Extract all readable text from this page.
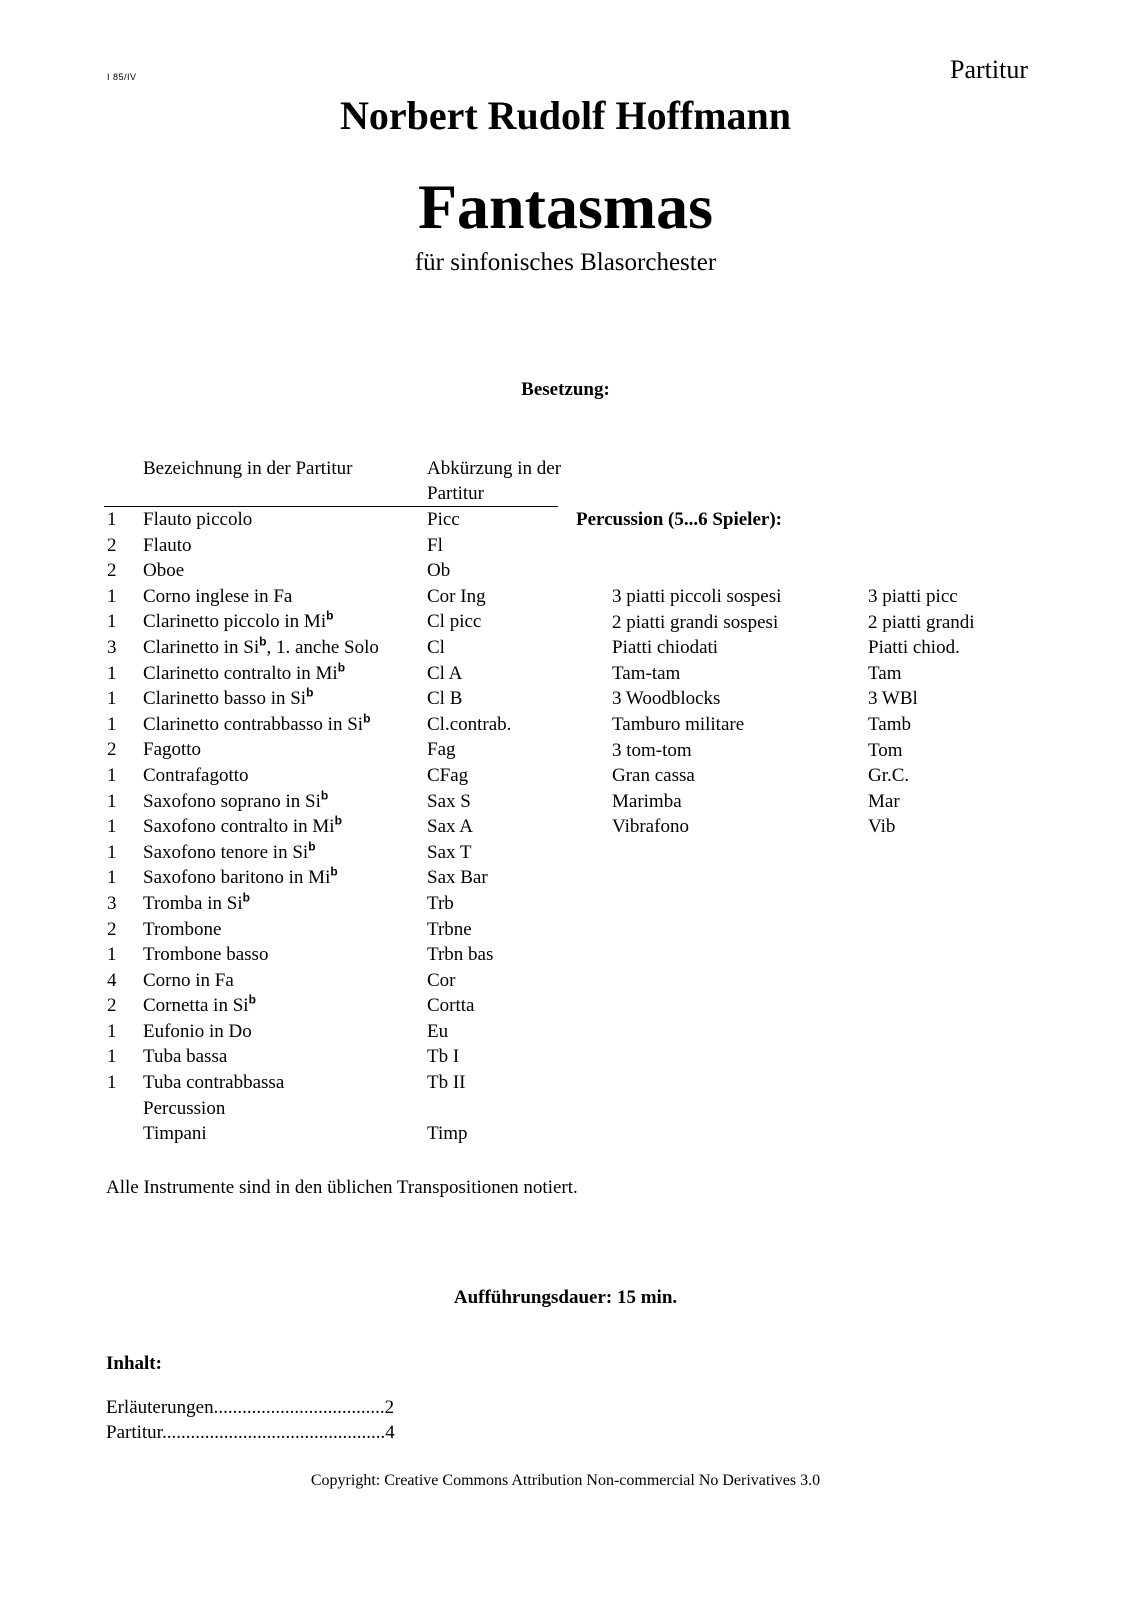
I 85/IV	Partitur
Norbert Rudolf Hoffmann
Fantasmas
für sinfonisches Blasorchester
Besetzung:
Bezeichnung in der Partitur	Abkürzung in der Partitur
1 Flauto piccolo	Picc
2 Flauto	Fl
2 Oboe	Ob
1 Corno inglese in Fa	Cor Ing
1 Clarinetto piccolo in Mi$^b$	Cl picc
3 Clarinetto in Si$^b$, 1. anche Solo	Cl
1 Clarinetto contralto in Mi$^b$	Cl A
1 Clarinetto basso in Si$^b$	Cl B
1 Clarinetto contrabbasso in Si$^b$	Cl.contrab.
2 Fagotto	Fag
1 Contrafagotto	CFag
1 Saxofono soprano in Si$^b$	Sax S
1 Saxofono contralto in Mi$^b$	Sax A
1 Saxofono tenore in Si$^b$	Sax T
1 Saxofono baritono in Mi$^b$	Sax Bar
3 Tromba in Si$^b$	Trb
2 Trombone	Trbne
1 Trombone basso	Trbn bas
4 Corno in Fa	Cor
2 Cornetta in Si$^b$	Cortta
1 Eufonio in Do	Eu
1 Tuba bassa	Tb I
1 Tuba contrabbassa	Tb II
Percussion
Timpani	Timp
Percussion (5...6 Spieler):
3 piatti piccoli sospesi	3 piatti picc
2 piatti grandi sospesi	2 piatti grandi
Piatti chiodati	Piatti chiod.
Tam-tam	Tam
3 Woodblocks	3 WBl
Tamburo militare	Tamb
3 tom-tom	Tom
Gran cassa	Gr.C.
Marimba	Mar
Vibrafono	Vib
Alle Instrumente sind in den üblichen Transpositionen notiert.
Aufführungsdauer: 15 min.
Inhalt:
Erläuterungen....................................2
Partitur...............................................4
Copyright: Creative Commons Attribution Non-commercial No Derivatives 3.0
